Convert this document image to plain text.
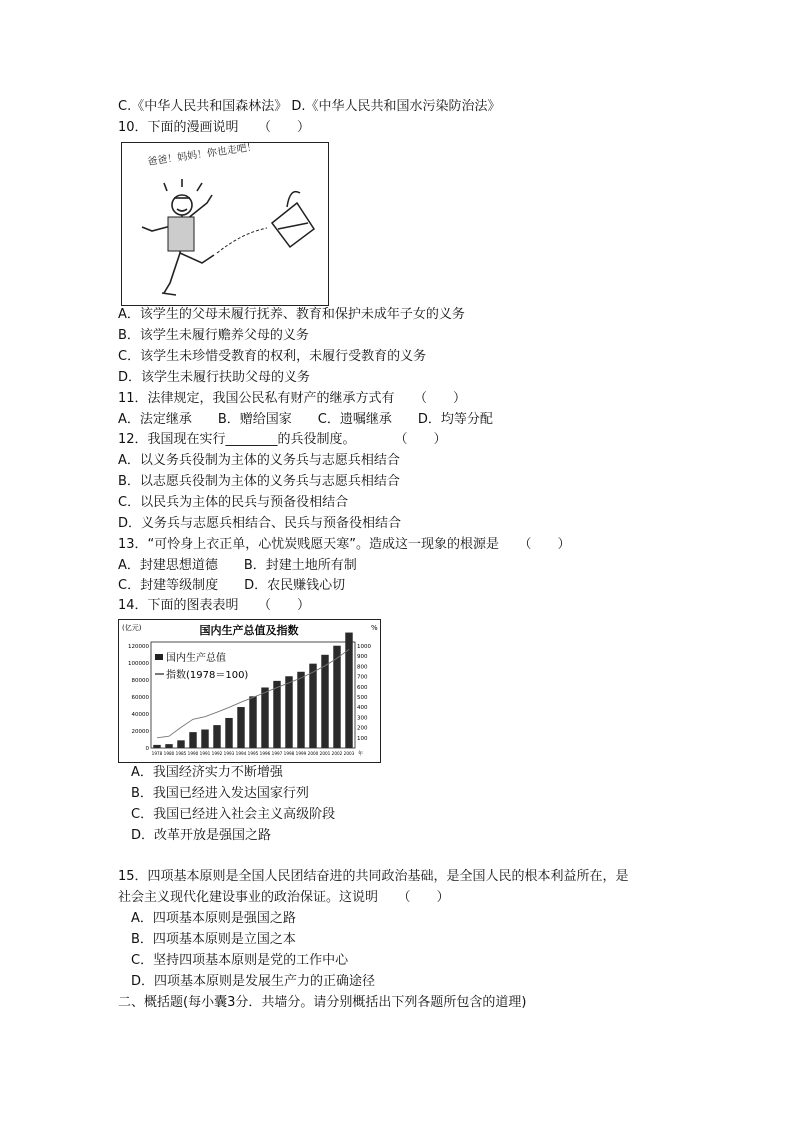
C.《中华人民共和国森林法》 D.《中华人民共和国水污染防治法》
10．下面的漫画说明　　（　　）
爸爸！妈妈！你也走吧！
A．该学生的父母未履行抚养、教育和保护未成年子女的义务
B．该学生未履行赡养父母的义务
C．该学生未珍惜受教育的权利，未履行受教育的义务
D．该学生未履行扶助父母的义务
11．法律规定，我国公民私有财产的继承方式有　　（　　）
A．法定继承　　B．赠给国家　　C．遗嘱继承　　D．均等分配
12．我国现在实行________的兵役制度。　　　　（　　）
A．以义务兵役制为主体的义务兵与志愿兵相结合
B．以志愿兵役制为主体的义务兵与志愿兵相结合
C．以民兵为主体的民兵与预备役相结合
D．义务兵与志愿兵相结合、民兵与预备役相结合
13．“可怜身上衣正单，心忧炭贱愿天寒”。造成这一现象的根源是　　（　　）
A．封建思想道德　　B．封建土地所有制
C．封建等级制度　　D．农民赚钱心切
14．下面的图表表明　　（　　）
(亿元)	%
国内生产总值及指数
120000
100000
80000
60000
40000
20000
0
1000
900
800
700
600
500
400
300
200
100
1978 1980 1985 1990 1991 1992 1993 1994 1995 1996 1997 1998 1999 2000 2001 2002 2003 年
国内生产总值
指数(1978＝100)
A．我国经济实力不断增强
B．我国已经进入发达国家行列
C．我国已经进入社会主义高级阶段
D．改革开放是强国之路
15．四项基本原则是全国人民团结奋进的共同政治基础，是全国人民的根本利益所在，是
社会主义现代化建设事业的政治保证。这说明　　（　　）
A．四项基本原则是强国之路
B．四项基本原则是立国之本
C．坚持四项基本原则是党的工作中心
D．四项基本原则是发展生产力的正确途径
二、概括题(每小囊3分．共墙分。请分别概括出下列各题所包含的道理)
